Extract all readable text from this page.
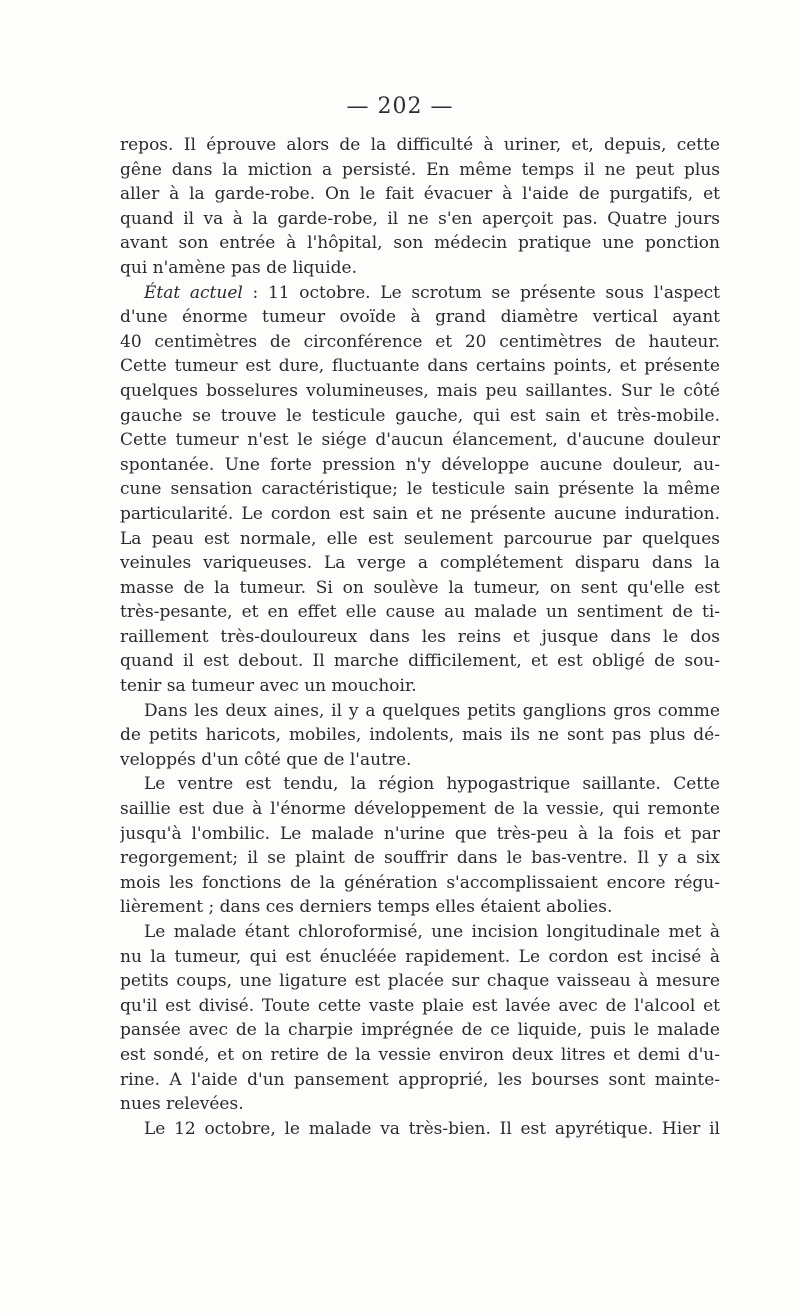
— 202 —
repos. Il éprouve alors de la difficulté à uriner, et, depuis, cette
gêne dans la miction a persisté. En même temps il ne peut plus
aller à la garde-robe. On le fait évacuer à l'aide de purgatifs, et
quand il va à la garde-robe, il ne s'en aperçoit pas. Quatre jours
avant son entrée à l'hôpital, son médecin pratique une ponction
qui n'amène pas de liquide.
État actuel : 11 octobre. Le scrotum se présente sous l'aspect
d'une énorme tumeur ovoïde à grand diamètre vertical ayant
40 centimètres de circonférence et 20 centimètres de hauteur.
Cette tumeur est dure, fluctuante dans certains points, et présente
quelques bosselures volumineuses, mais peu saillantes. Sur le côté
gauche se trouve le testicule gauche, qui est sain et très-mobile.
Cette tumeur n'est le siége d'aucun élancement, d'aucune douleur
spontanée. Une forte pression n'y développe aucune douleur, au-
cune sensation caractéristique; le testicule sain présente la même
particularité. Le cordon est sain et ne présente aucune induration.
La peau est normale, elle est seulement parcourue par quelques
veinules variqueuses. La verge a complétement disparu dans la
masse de la tumeur. Si on soulève la tumeur, on sent qu'elle est
très-pesante, et en effet elle cause au malade un sentiment de ti-
raillement très-douloureux dans les reins et jusque dans le dos
quand il est debout. Il marche difficilement, et est obligé de sou-
tenir sa tumeur avec un mouchoir.
Dans les deux aines, il y a quelques petits ganglions gros comme
de petits haricots, mobiles, indolents, mais ils ne sont pas plus dé-
veloppés d'un côté que de l'autre.
Le ventre est tendu, la région hypogastrique saillante. Cette
saillie est due à l'énorme développement de la vessie, qui remonte
jusqu'à l'ombilic. Le malade n'urine que très-peu à la fois et par
regorgement; il se plaint de souffrir dans le bas-ventre. Il y a six
mois les fonctions de la génération s'accomplissaient encore régu-
lièrement ; dans ces derniers temps elles étaient abolies.
Le malade étant chloroformisé, une incision longitudinale met à
nu la tumeur, qui est énucléée rapidement. Le cordon est incisé à
petits coups, une ligature est placée sur chaque vaisseau à mesure
qu'il est divisé. Toute cette vaste plaie est lavée avec de l'alcool et
pansée avec de la charpie imprégnée de ce liquide, puis le malade
est sondé, et on retire de la vessie environ deux litres et demi d'u-
rine. A l'aide d'un pansement approprié, les bourses sont mainte-
nues relevées.
Le 12 octobre, le malade va très-bien. Il est apyrétique. Hier il
